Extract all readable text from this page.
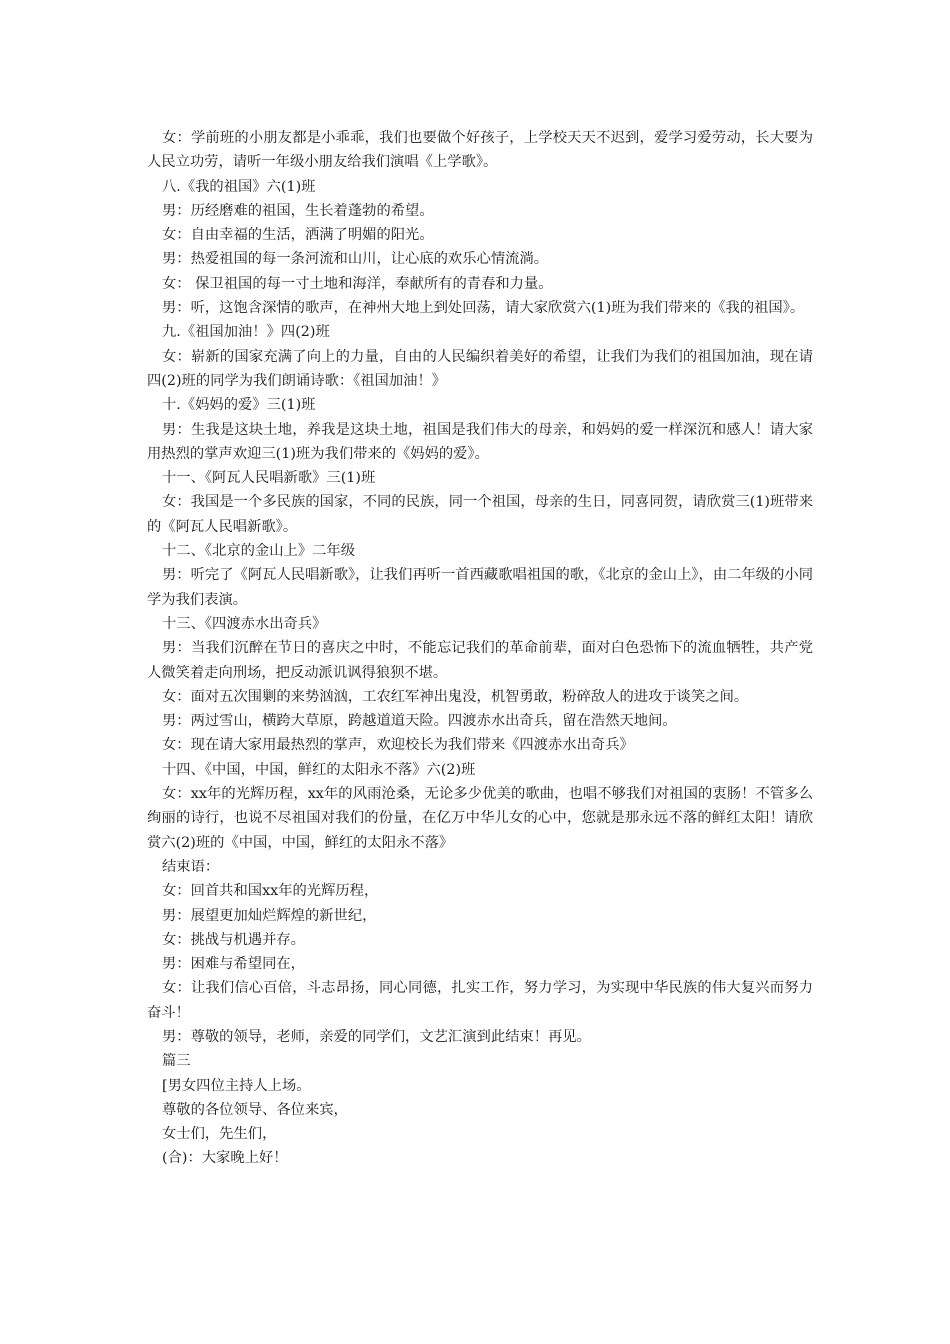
女：学前班的小朋友都是小乖乖，我们也要做个好孩子，上学校天天不迟到，爱学习爱劳动，长大要为人民立功劳，请听一年级小朋友给我们演唱《上学歌》。

八.《我的祖国》六(1)班

男：历经磨难的祖国，生长着蓬勃的希望。

女：自由幸福的生活，洒满了明媚的阳光。

男：热爱祖国的每一条河流和山川，让心底的欢乐心情流淌。

女： 保卫祖国的每一寸土地和海洋，奉献所有的青春和力量。

男：听，这饱含深情的歌声，在神州大地上到处回荡，请大家欣赏六(1)班为我们带来的《我的祖国》。

九.《祖国加油！》四(2)班

女：崭新的国家充满了向上的力量，自由的人民编织着美好的希望，让我们为我们的祖国加油，现在请四(2)班的同学为我们朗诵诗歌：《祖国加油！》

十.《妈妈的爱》三(1)班

男：生我是这块土地，养我是这块土地，祖国是我们伟大的母亲，和妈妈的爱一样深沉和感人！请大家用热烈的掌声欢迎三(1)班为我们带来的《妈妈的爱》。

十一、《阿瓦人民唱新歌》三(1)班

女：我国是一个多民族的国家，不同的民族，同一个祖国，母亲的生日，同喜同贺，请欣赏三(1)班带来的《阿瓦人民唱新歌》。

十二、《北京的金山上》二年级

男：听完了《阿瓦人民唱新歌》，让我们再听一首西藏歌唱祖国的歌，《北京的金山上》，由二年级的小同学为我们表演。

十三、《四渡赤水出奇兵》

男：当我们沉醉在节日的喜庆之中时，不能忘记我们的革命前辈，面对白色恐怖下的流血牺牲，共产党人微笑着走向刑场，把反动派讥讽得狼狈不堪。

女：面对五次围剿的来势汹汹，工农红军神出鬼没，机智勇敢，粉碎敌人的进攻于谈笑之间。

男：两过雪山，横跨大草原，跨越道道天险。四渡赤水出奇兵，留在浩然天地间。

女：现在请大家用最热烈的掌声，欢迎校长为我们带来《四渡赤水出奇兵》

十四、《中国，中国，鲜红的太阳永不落》六(2)班

女：xx年的光辉历程，xx年的风雨沧桑，无论多少优美的歌曲，也唱不够我们对祖国的衷肠！不管多么绚丽的诗行，也说不尽祖国对我们的份量，在亿万中华儿女的心中，您就是那永远不落的鲜红太阳！请欣赏六(2)班的《中国，中国，鲜红的太阳永不落》

结束语：

女：回首共和国xx年的光辉历程，

男：展望更加灿烂辉煌的新世纪，

女：挑战与机遇并存。

男：困难与希望同在，

女：让我们信心百倍，斗志昂扬，同心同德，扎实工作，努力学习，为实现中华民族的伟大复兴而努力奋斗！

男：尊敬的领导，老师，亲爱的同学们，文艺汇演到此结束！再见。

篇三

[男女四位主持人上场。

尊敬的各位领导、各位来宾，

女士们，先生们，

(合)：大家晚上好！
